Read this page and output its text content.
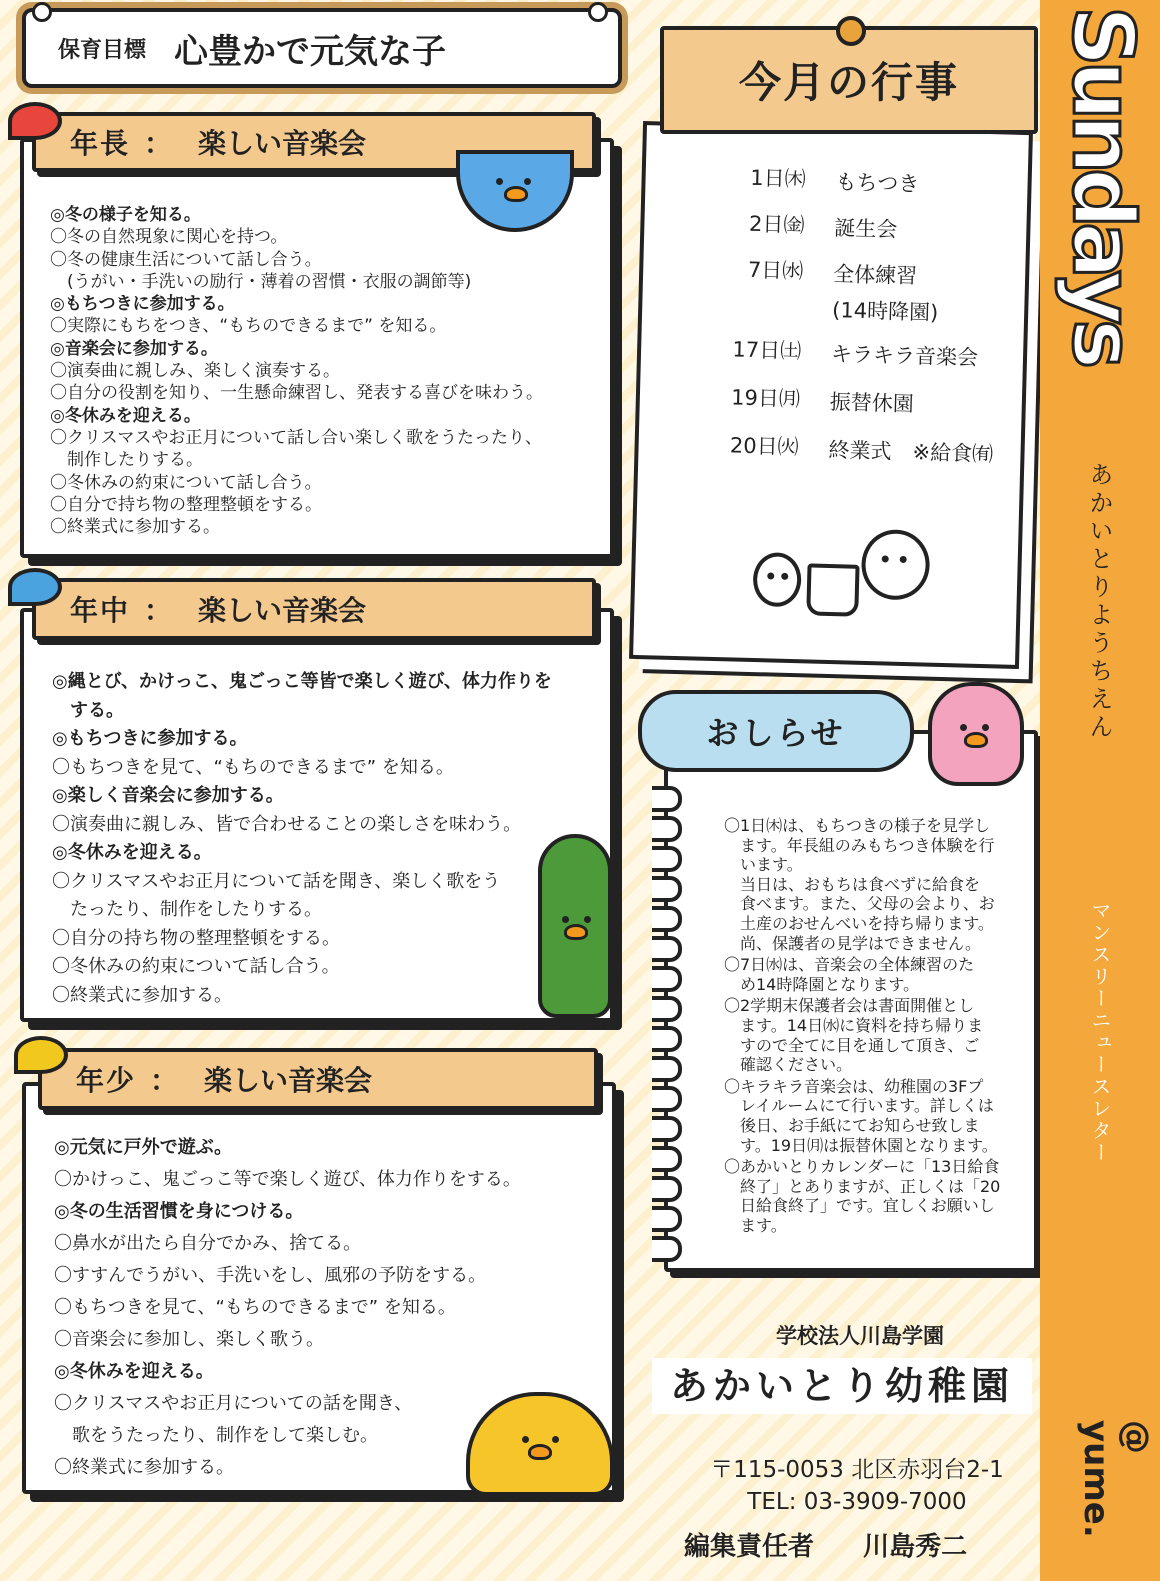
保育目標 心豊かで元気な子
◎冬の様子を知る。
〇冬の自然現象に関心を持つ。
〇冬の健康生活について話し合う。
　(うがい・手洗いの励行・薄着の習慣・衣服の調節等)
◎もちつきに参加する。
〇実際にもちをつき、“もちのできるまで” を知る。
◎音楽会に参加する。
〇演奏曲に親しみ、楽しく演奏する。
〇自分の役割を知り、一生懸命練習し、発表する喜びを味わう。
◎冬休みを迎える。
〇クリスマスやお正月について話し合い楽しく歌をうたったり、
　制作したりする。
〇冬休みの約束について話し合う。
〇自分で持ち物の整理整頓をする。
〇終業式に参加する。
年長 ： 楽しい音楽会
◎縄とび、かけっこ、鬼ごっこ等皆で楽しく遊び、体力作りを
　する。
◎もちつきに参加する。
〇もちつきを見て、“もちのできるまで” を知る。
◎楽しく音楽会に参加する。
〇演奏曲に親しみ、皆で合わせることの楽しさを味わう。
◎冬休みを迎える。
〇クリスマスやお正月について話を聞き、楽しく歌をう
　たったり、制作をしたりする。
〇自分の持ち物の整理整頓をする。
〇冬休みの約束について話し合う。
〇終業式に参加する。
年中 ： 楽しい音楽会
◎元気に戸外で遊ぶ。
〇かけっこ、鬼ごっこ等で楽しく遊び、体力作りをする。
◎冬の生活習慣を身につける。
〇鼻水が出たら自分でかみ、捨てる。
〇すすんでうがい、手洗いをし、風邪の予防をする。
〇もちつきを見て、“もちのできるまで” を知る。
〇音楽会に参加し、楽しく歌う。
◎冬休みを迎える。
〇クリスマスやお正月についての話を聞き、
　歌をうたったり、制作をして楽しむ。
〇終業式に参加する。
年少 ： 楽しい音楽会
1日㈭ もちつき
2日㈮ 誕生会
7日㈬ 全体練習
(14時降園)
17日㈯ キラキラ音楽会
19日㈪ 振替休園
20日㈫ 終業式　※給食㈲
今月の行事
〇1日㈭は、もちつきの様子を見学し
　ます。年長組のみもちつき体験を行
　います。
　当日は、おもちは食べずに給食を
　食べます。また、父母の会より、お
　土産のおせんべいを持ち帰ります。
　尚、保護者の見学はできません。
〇7日㈬は、音楽会の全体練習のた
　め14時降園となります。
〇2学期末保護者会は書面開催とし
　ます。14日㈬に資料を持ち帰りま
　すので全てに目を通して頂き、ご
　確認ください。
〇キラキラ音楽会は、幼稚園の3Fプ
　レイルームにて行います。詳しくは
　後日、お手紙にてお知らせ致しま
　す。19日㈪は振替休園となります。
〇あかいとりカレンダーに「13日給食
　終了」とありますが、正しくは「20
　日給食終了」です。宜しくお願いし
　ます。
おしらせ
学校法人川島学園
あかいとり幼稚園
〒115-0053 北区赤羽台2-1
TEL: 03-3909-7000
編集責任者 川島秀二
Sundays
あかいとりようちえん
マンスリーニュースレター
@ yume.
